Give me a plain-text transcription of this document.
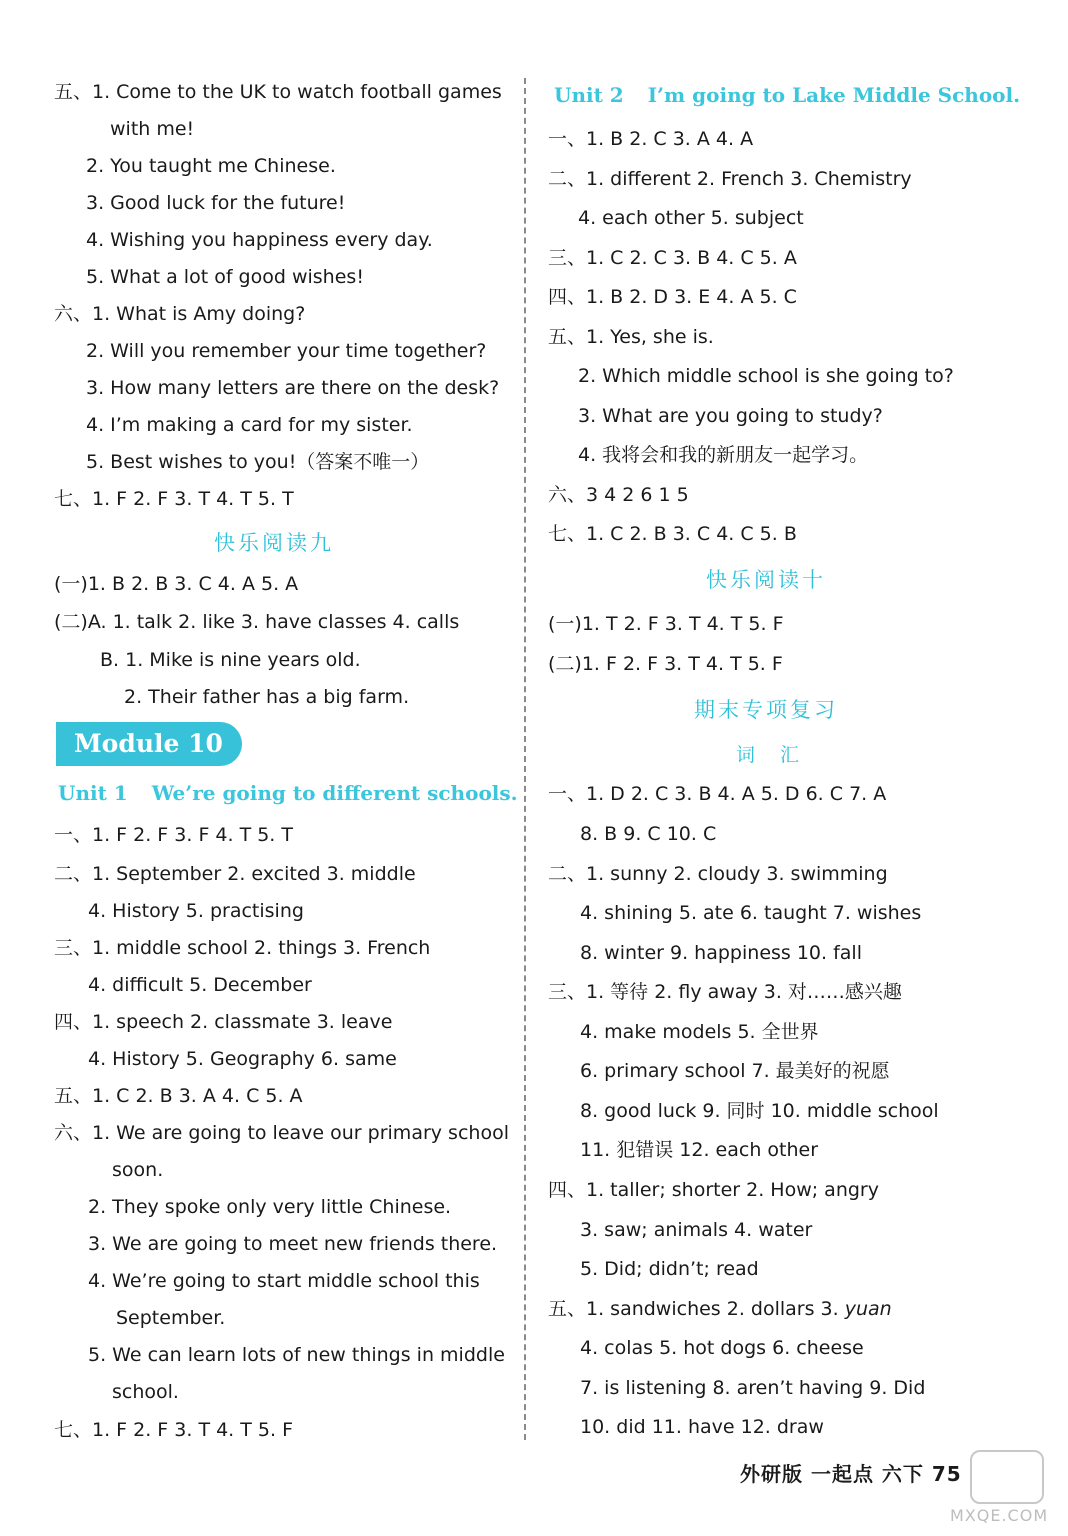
快乐阅读九
Module 10
Unit 1 We’re going to different schools.
Unit 2 I’m going to Lake Middle School.
快乐阅读十
期末专项复习
词　汇
外研版 一起点 六下 75
MXQE.COM
五、1. Come to the UK to watch football games
with me!
2. You taught me Chinese.
3. Good luck for the future!
4. Wishing you happiness every day.
5. What a lot of good wishes!
六、1. What is Amy doing?
2. Will you remember your time together?
3. How many letters are there on the desk?
4. I’m making a card for my sister.
5. Best wishes to you!（答案不唯一）
七、1. F 2. F 3. T 4. T 5. T
(一)1. B 2. B 3. C 4. A 5. A
(二)A. 1. talk 2. like 3. have classes 4. calls
B. 1. Mike is nine years old.
2. Their father has a big farm.
一、1. F 2. F 3. F 4. T 5. T
二、1. September 2. excited 3. middle
4. History 5. practising
三、1. middle school 2. things 3. French
4. difficult 5. December
四、1. speech 2. classmate 3. leave
4. History 5. Geography 6. same
五、1. C 2. B 3. A 4. C 5. A
六、1. We are going to leave our primary school
soon.
2. They spoke only very little Chinese.
3. We are going to meet new friends there.
4. We’re going to start middle school this
September.
5. We can learn lots of new things in middle
school.
七、1. F 2. F 3. T 4. T 5. F
一、1. B 2. C 3. A 4. A
二、1. different 2. French 3. Chemistry
4. each other 5. subject
三、1. C 2. C 3. B 4. C 5. A
四、1. B 2. D 3. E 4. A 5. C
五、1. Yes, she is.
2. Which middle school is she going to?
3. What are you going to study?
4. 我将会和我的新朋友一起学习。
六、3 4 2 6 1 5
七、1. C 2. B 3. C 4. C 5. B
(一)1. T 2. F 3. T 4. T 5. F
(二)1. F 2. F 3. T 4. T 5. F
一、1. D 2. C 3. B 4. A 5. D 6. C 7. A
8. B 9. C 10. C
二、1. sunny 2. cloudy 3. swimming
4. shining 5. ate 6. taught 7. wishes
8. winter 9. happiness 10. fall
三、1. 等待 2. fly away 3. 对……感兴趣
4. make models 5. 全世界
6. primary school 7. 最美好的祝愿
8. good luck 9. 同时 10. middle school
11. 犯错误 12. each other
四、1. taller; shorter 2. How; angry
3. saw; animals 4. water
5. Did; didn’t; read
五、1. sandwiches 2. dollars 3. yuan
4. colas 5. hot dogs 6. cheese
7. is listening 8. aren’t having 9. Did
10. did 11. have 12. draw
